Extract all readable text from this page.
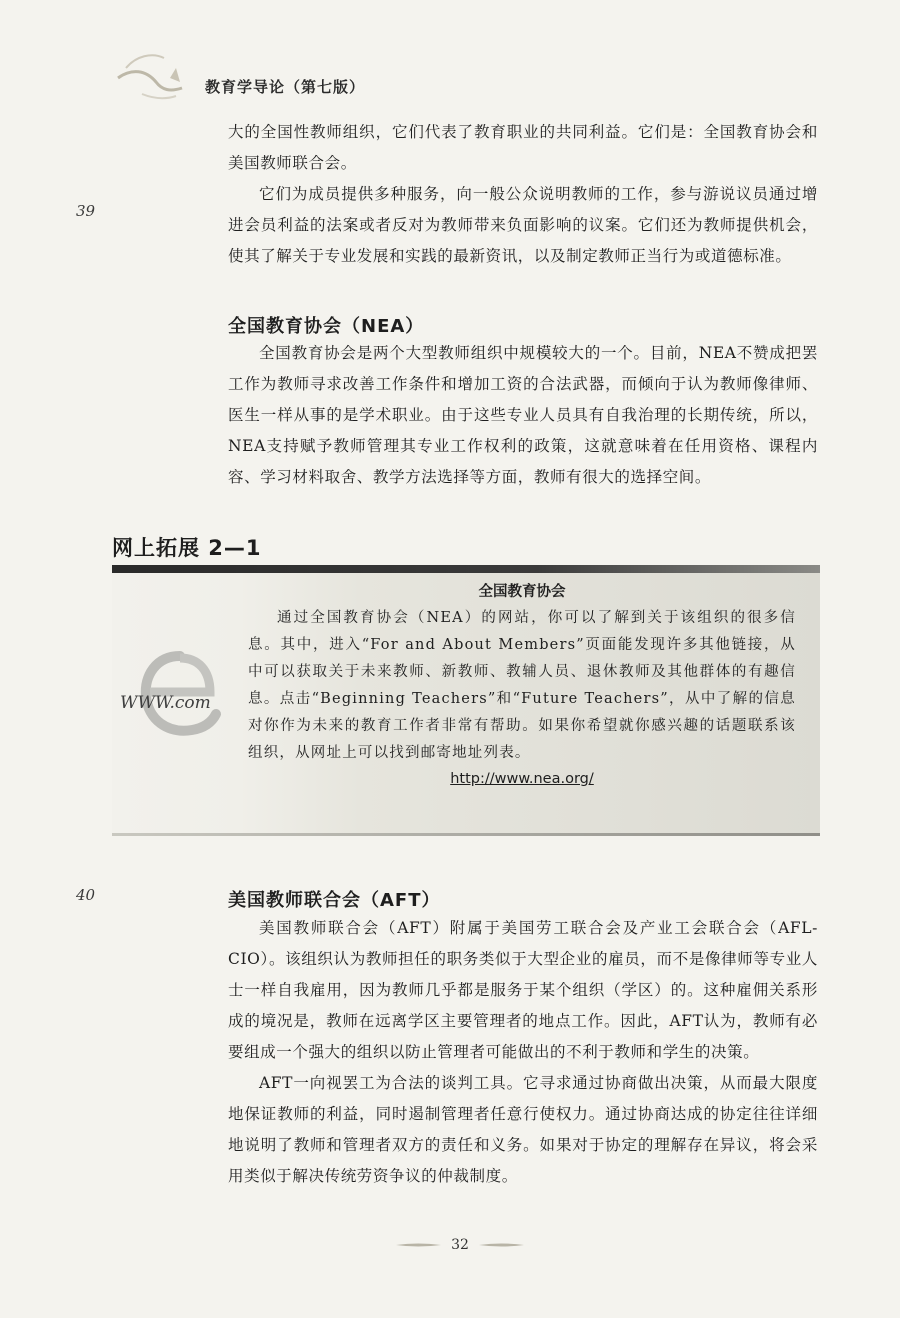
教育学导论（第七版）
39
40

大的全国性教师组织，它们代表了教育职业的共同利益。它们是：全国教育协会和美国教师联合会。

它们为成员提供多种服务，向一般公众说明教师的工作，参与游说议员通过增进会员利益的法案或者反对为教师带来负面影响的议案。它们还为教师提供机会，使其了解关于专业发展和实践的最新资讯，以及制定教师正当行为或道德标准。

全国教育协会（NEA）

全国教育协会是两个大型教师组织中规模较大的一个。目前，NEA不赞成把罢工作为教师寻求改善工作条件和增加工资的合法武器，而倾向于认为教师像律师、医生一样从事的是学术职业。由于这些专业人员具有自我治理的长期传统，所以，NEA支持赋予教师管理其专业工作权利的政策，这就意味着在任用资格、课程内容、学习材料取舍、教学方法选择等方面，教师有很大的选择空间。

网上拓展 2—1
WWW.com
全国教育协会

通过全国教育协会（NEA）的网站，你可以了解到关于该组织的很多信息。其中，进入“For and About Members”页面能发现许多其他链接，从中可以获取关于未来教师、新教师、教辅人员、退休教师及其他群体的有趣信息。点击“Beginning Teachers”和“Future Teachers”，从中了解的信息对你作为未来的教育工作者非常有帮助。如果你希望就你感兴趣的话题联系该组织，从网址上可以找到邮寄地址列表。

http://www.nea.org/
美国教师联合会（AFT）

美国教师联合会（AFT）附属于美国劳工联合会及产业工会联合会（AFL-CIO）。该组织认为教师担任的职务类似于大型企业的雇员，而不是像律师等专业人士一样自我雇用，因为教师几乎都是服务于某个组织（学区）的。这种雇佣关系形成的境况是，教师在远离学区主要管理者的地点工作。因此，AFT认为，教师有必要组成一个强大的组织以防止管理者可能做出的不利于教师和学生的决策。

AFT一向视罢工为合法的谈判工具。它寻求通过协商做出决策，从而最大限度地保证教师的利益，同时遏制管理者任意行使权力。通过协商达成的协定往往详细地说明了教师和管理者双方的责任和义务。如果对于协定的理解存在异议，将会采用类似于解决传统劳资争议的仲裁制度。

32
